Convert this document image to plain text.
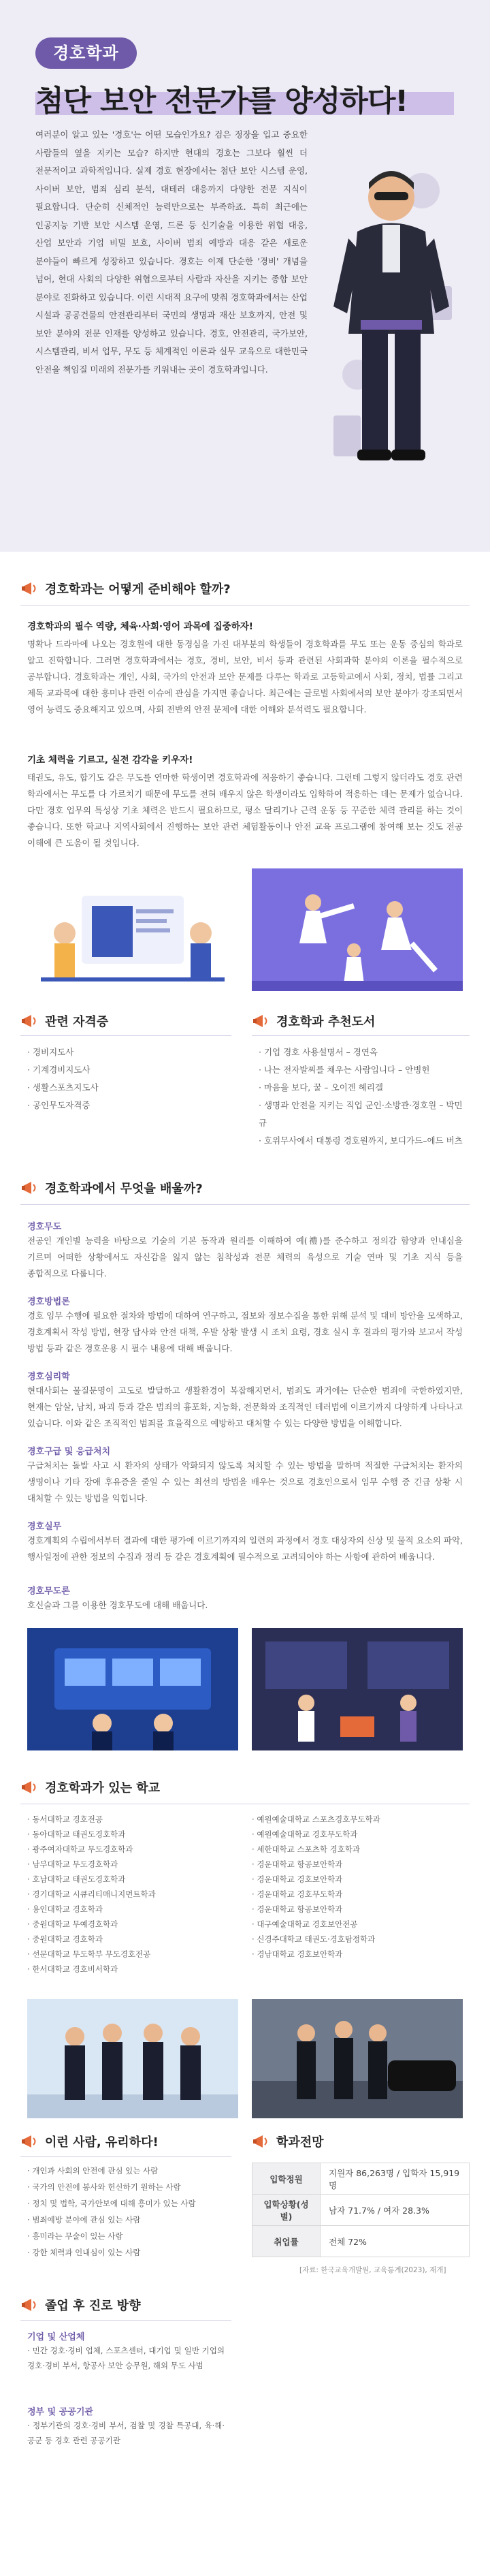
경호학과
첨단 보안 전문가를 양성하다!
여러분이 알고 있는 '경호'는 어떤 모습인가요? 검은 정장을 입고 중요한 사람들의 옆을 지키는 모습? 하지만 현대의 경호는 그보다 훨씬 더 전문적이고 과학적입니다. 실제 경호 현장에서는 첨단 보안 시스템 운영, 사이버 보안, 범죄 심리 분석, 대테러 대응까지 다양한 전문 지식이 필요합니다. 단순히 신체적인 능력만으로는 부족하죠. 특히 최근에는 인공지능 기반 보안 시스템 운영, 드론 등 신기술을 이용한 위협 대응, 산업 보안과 기업 비밀 보호, 사이버 범죄 예방과 대응 같은 새로운 분야들이 빠르게 성장하고 있습니다. 경호는 이제 단순한 '경비' 개념을 넘어, 현대 사회의 다양한 위협으로부터 사람과 자산을 지키는 종합 보안 분야로 진화하고 있습니다. 이런 시대적 요구에 맞춰 경호학과에서는 산업 시설과 공공건물의 안전관리부터 국민의 생명과 재산 보호까지, 안전 및 보안 분야의 전문 인재를 양성하고 있습니다. 경호, 안전관리, 국가보안, 시스템관리, 비서 업무, 무도 등 체계적인 이론과 실무 교육으로 대한민국 안전을 책임질 미래의 전문가를 키워내는 곳이 경호학과입니다.
경호학과는 어떻게 준비해야 할까?
경호학과의 필수 역량, 체육·사회·영어 과목에 집중하자!
명확나 드라마에 나오는 경호원에 대한 동경심을 가진 대부분의 학생들이 경호학과를 무도 또는 운동 중심의 학과로 알고 진학합니다. 그러면 경호학과에서는 경호, 경비, 보안, 비서 등과 관련된 사회과학 분야의 이론을 필수적으로 공부합니다. 경호학과는 개인, 사회, 국가의 안전과 보안 문제를 다루는 학과로 고등학교에서 사회, 정치, 법률 그리고 제독 교과목에 대한 흥미나 관련 이슈에 관심을 가지면 좋습니다. 최근에는 글로벌 사회에서의 보안 분야가 강조되면서 영어 능력도 중요해지고 있으며, 사회 전반의 안전 문제에 대한 이해와 분석력도 필요합니다.
기초 체력을 기르고, 실전 감각을 키우자!
태권도, 유도, 합기도 같은 무도를 연마한 학생이면 경호학과에 적응하기 좋습니다. 그런데 그렇지 않더라도 경호 관련 학과에서는 무도를 다 가르치기 때문에 무도를 전혀 배우지 않은 학생이라도 입학하여 적응하는 데는 문제가 없습니다. 다만 경호 업무의 특성상 기초 체력은 반드시 필요하므로, 평소 달리기나 근력 운동 등 꾸준한 체력 관리를 하는 것이 좋습니다. 또한 학교나 지역사회에서 진행하는 보안 관련 체험활동이나 안전 교육 프로그램에 참여해 보는 것도 전공 이해에 큰 도움이 될 것입니다.
관련 자격증
· 경비지도사
· 기계경비지도사
· 생활스포츠지도사
· 공인무도자격증
경호학과 추천도서
· 기업 경호 사용설명서 – 경연옥
· 나는 전자발찌를 채우는 사람입니다 – 안병헌
· 마음을 보다, 꿀 – 오이겐 헤리겔
· 생명과 안전을 지키는 직업 군인·소방관·경호원 – 박민규
· 호위무사에서 대통령 경호원까지, 보디가드–에드 버츠
경호학과에서 무엇을 배울까?
경호무도
전공인 개인별 능력을 바탕으로 기술의 기본 동작과 원리를 이해하여 예(禮)를 준수하고 정의감 함양과 인내심을 기르며 어떠한 상황에서도 자신감을 잃지 않는 침착성과 전문 체력의 육성으로 기술 연마 및 기초 지식 등을 종합적으로 다룹니다.
경호방법론
경호 임무 수행에 필요한 절차와 방법에 대하여 연구하고, 접보와 정보수집을 통한 위해 분석 및 대비 방안을 모색하고, 경호계획서 작성 방법, 현장 답사와 안전 대책, 우발 상황 발생 시 조치 요령, 경호 실시 후 결과의 평가와 보고서 작성 방법 등과 같은 경호운용 시 필수 내용에 대해 배웁니다.
경호심리학
현대사회는 물질문명이 고도로 발달하고 생활환경이 복잡해지면서, 범죄도 과거에는 단순한 범죄에 국한하였지만, 현재는 암살, 납치, 파괴 등과 같은 범죄의 흉포화, 지능화, 전문화와 조직적인 테러범에 이르기까지 다양하게 나타나고 있습니다. 이와 같은 조직적인 범죄를 효율적으로 예방하고 대처할 수 있는 다양한 방법을 이해합니다.
경호구급 및 응급처치
구급처치는 돌발 사고 시 환자의 상태가 악화되지 않도록 처치할 수 있는 방법을 말하며 적절한 구급처치는 환자의 생명이나 기타 장애 후유증을 줄일 수 있는 최선의 방법을 배우는 것으로 경호인으로서 임무 수행 중 긴급 상황 시 대처할 수 있는 방법을 익힙니다.
경호실무
경호계획의 수립에서부터 결과에 대한 평가에 이르기까지의 일련의 과정에서 경호 대상자의 신상 및 물적 요소의 파악, 행사일정에 관한 정보의 수집과 정리 등 같은 경호계획에 필수적으로 고려되어야 하는 사항에 관하여 배웁니다.
경호무도론
호신술과 그를 이용한 경호무도에 대해 배웁니다.
경호학과가 있는 학교
· 동서대학교 경호전공
· 동아대학교 태권도경호학과
· 광주여자대학교 무도경호학과
· 남부대학교 무도경호학과
· 호남대학교 태권도경호학과
· 경기대학교 시큐리티매니지먼트학과
· 용인대학교 경호학과
· 중원대학교 무예경호학과
· 중원대학교 경호학과
· 선문대학교 무도학부 무도경호전공
· 한서대학교 경호비서학과
· 예원예술대학교 스포츠경호무도학과
· 예원예술대학교 경호무도학과
· 세한대학교 스포츠학 경호학과
· 경운대학교 항공보안학과
· 경운대학교 경호보안학과
· 경운대학교 경호무도학과
· 경운대학교 항공보안학과
· 대구예술대학교 경호보안전공
· 신경주대학교 태권도·경호탐정학과
· 경남대학교 경호보안학과
이런 사람, 유리하다!
· 개인과 사회의 안전에 관심 있는 사람
· 국가의 안전에 봉사와 헌신하기 원하는 사람
· 정치 및 법학, 국가안보에 대해 흥미가 있는 사람
· 범죄예방 분야에 관심 있는 사람
· 흥미라는 무술이 있는 사람
· 강한 체력과 인내심이 있는 사람
학과전망
입학정원	지원자 86,263명 / 입학자 15,919명
입학상황(성별)	남자 71.7% / 여자 28.3%
취업률	전체 72%
[자료: 한국교육개발원, 교육통계(2023), 재개]
졸업 후 진로 방향
기업 및 산업체
· 민간 경호·경비 업체, 스포츠센터, 대기업 및 일반 기업의 경호·경비 부서, 항공사 보안 승무원, 해외 무도 사범
정부 및 공공기관
· 정부기관의 경호·경비 부서, 검찰 및 경찰 특공대, 육·해·공군 등 경호 관련 공공기관
